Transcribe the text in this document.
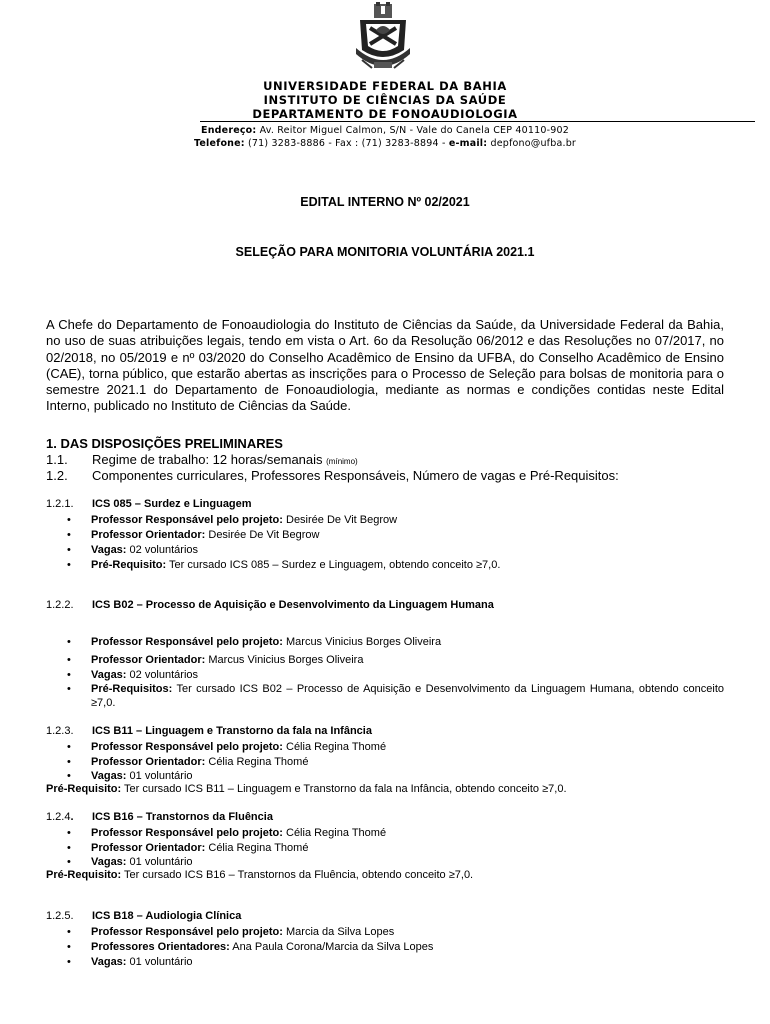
UNIVERSIDADE FEDERAL DA BAHIA
INSTITUTO DE CIÊNCIAS DA SAÚDE
DEPARTAMENTO DE FONOAUDIOLOGIA
Endereço: Av. Reitor Miguel Calmon, S/N - Vale do Canela CEP 40110-902
Telefone: (71) 3283-8886 - Fax : (71) 3283-8894 - e-mail: depfono@ufba.br
EDITAL INTERNO Nº 02/2021
SELEÇÃO PARA MONITORIA VOLUNTÁRIA 2021.1
A Chefe do Departamento de Fonoaudiologia do Instituto de Ciências da Saúde, da Universidade Federal da Bahia, no uso de suas atribuições legais, tendo em vista o Art. 6o da Resolução 06/2012 e das Resoluções no 07/2017, no 02/2018, no 05/2019 e nº 03/2020 do Conselho Acadêmico de Ensino da UFBA, do Conselho Acadêmico de Ensino (CAE), torna público, que estarão abertas as inscrições para o Processo de Seleção para bolsas de monitoria para o semestre 2021.1 do Departamento de Fonoaudiologia, mediante as normas e condições contidas neste Edital Interno, publicado no Instituto de Ciências da Saúde.
1. DAS DISPOSIÇÕES PRELIMINARES
1.1. Regime de trabalho: 12 horas/semanais (mínimo)
1.2. Componentes curriculares, Professores Responsáveis, Número de vagas e Pré-Requisitos:
1.2.1. ICS 085 – Surdez e Linguagem
• Professor Responsável pelo projeto: Desirée De Vit Begrow
• Professor Orientador: Desirée De Vit Begrow
• Vagas: 02 voluntários
• Pré-Requisito: Ter cursado ICS 085 – Surdez e Linguagem, obtendo conceito ≥7,0.
1.2.2. ICS B02 – Processo de Aquisição e Desenvolvimento da Linguagem Humana
• Professor Responsável pelo projeto: Marcus Vinicius Borges Oliveira
• Professor Orientador: Marcus Vinicius Borges Oliveira
• Vagas: 02 voluntários
• Pré-Requisitos: Ter cursado ICS B02 – Processo de Aquisição e Desenvolvimento da Linguagem Humana, obtendo conceito ≥7,0.
1.2.3. ICS B11 – Linguagem e Transtorno da fala na Infância
• Professor Responsável pelo projeto: Célia Regina Thomé
• Professor Orientador: Célia Regina Thomé
• Vagas: 01 voluntário
Pré-Requisito: Ter cursado ICS B11 – Linguagem e Transtorno da fala na Infância, obtendo conceito ≥7,0.
1.2.4. ICS B16 – Transtornos da Fluência
• Professor Responsável pelo projeto: Célia Regina Thomé
• Professor Orientador: Célia Regina Thomé
• Vagas: 01 voluntário
Pré-Requisito: Ter cursado ICS B16 – Transtornos da Fluência, obtendo conceito ≥7,0.
1.2.5. ICS B18 – Audiologia Clínica
• Professor Responsável pelo projeto: Marcia da Silva Lopes
• Professores Orientadores: Ana Paula Corona/Marcia da Silva Lopes
• Vagas: 01 voluntário
